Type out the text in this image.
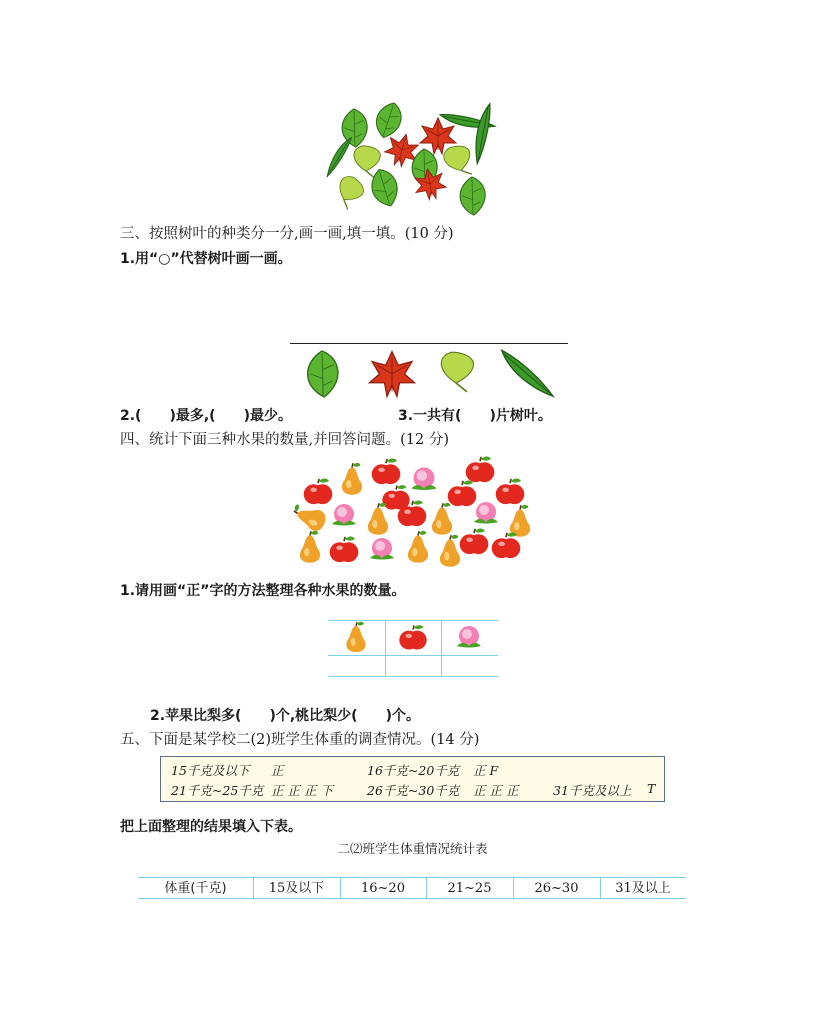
三、按照树叶的种类分一分,画一画,填一填。(10 分)
1.用“○”代替树叶画一画。
2.(　　)最多,(　　)最少。	3.一共有(　　)片树叶。
四、统计下面三种水果的数量,并回答问题。(12 分)
1.请用画“正”字的方法整理各种水果的数量。
2.苹果比梨多(　　)个,桃比梨少(　　)个。
五、下面是某学校二(2)班学生体重的调查情况。(14 分)
15千克及以下 正	16千克~20千克 正 F
21千克~25千克 正 正 正 下	26千克~30千克 正 正 正	31千克及以上 T
把上面整理的结果填入下表。
二⑵班学生体重情况统计表
体重(千克)	15及以下	16~20	21~25	26~30	31及以上
